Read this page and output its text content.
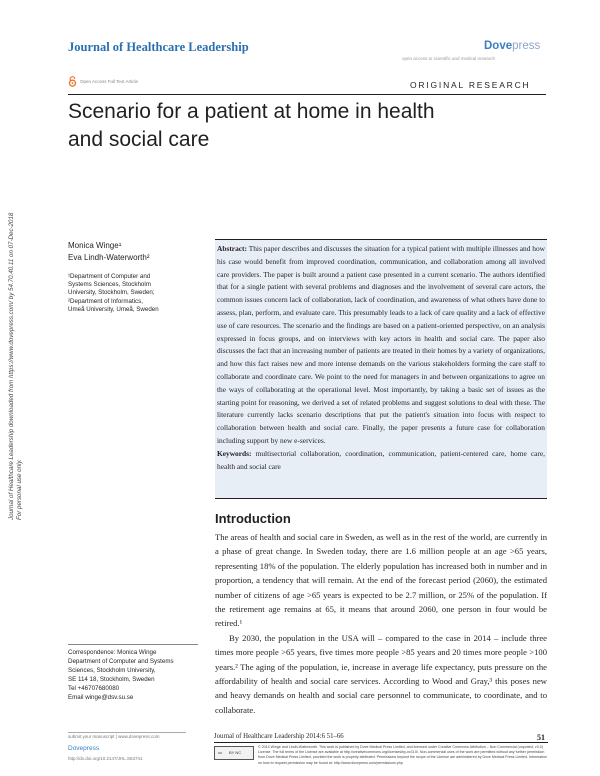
Journal of Healthcare Leadership	Dovepress
open access to scientific and medical research
Open Access Full Text Article	ORIGINAL RESEARCH
Scenario for a patient at home in health and social care
Journal of Healthcare Leadership downloaded from https://www.dovepress.com/ by 54.70.40.11 on 07-Dec-2018
For personal use only.
Monica Winge¹
Eva Lindh-Waterworth²
¹Department of Computer and
Systems Sciences, Stockholm
University, Stockholm, Sweden;
²Department of Informatics,
Umeå University, Umeå, Sweden

Abstract: This paper describes and discusses the situation for a typical patient with multiple illnesses and how his case would benefit from improved coordination, communication, and collaboration among all involved care providers. The paper is built around a patient case presented in a current scenario. The authors identified that for a single patient with several problems and diagnoses and the involvement of several care actors, the common issues concern lack of collaboration, lack of coordination, and awareness of what others have done to assess, plan, perform, and evaluate care. This presumably leads to a lack of care quality and a lack of effective use of care resources. The scenario and the findings are based on a patient-oriented perspective, on an analysis expressed in focus groups, and on interviews with key actors in health and social care. The paper also discusses the fact that an increasing number of patients are treated in their homes by a variety of organizations, and how this fact raises new and more intense demands on the various stakeholders forming the care staff to collaborate and coordinate care. We point to the need for managers in and between organizations to agree on the ways of collaborating at the operational level. Most importantly, by taking a basic set of issues as the starting point for reasoning, we derived a set of related problems and suggest solutions to deal with these. The literature currently lacks scenario descriptions that put the patient's situation into focus with respect to collaboration between health and social care. Finally, the paper presents a future case for collaboration including support by new e-services.

Keywords: multisectorial collaboration, coordination, communication, patient-centered care, home care, health and social care

Introduction

The areas of health and social care in Sweden, as well as in the rest of the world, are currently in a phase of great change. In Sweden today, there are 1.6 million people at an age >65 years, representing 18% of the population. The elderly population has increased both in number and in proportion, a tendency that will remain. At the end of the forecast period (2060), the estimated number of citizens of age >65 years is expected to be 2.7 million, or 25% of the population. If the retirement age remains at 65, it means that around 2060, one person in four would be retired.¹

By 2030, the population in the USA will – compared to the case in 2014 – include three times more people >65 years, five times more people >85 years and 20 times more people >100 years.² The aging of the population, ie, increase in average life expectancy, puts pressure on the affordability of health and social care services. According to Wood and Gray,³ this poses new and heavy demands on health and social care personnel to communicate, to coordinate, and to collaborate.

Correspondence: Monica Winge
Department of Computer and Systems
Sciences, Stockholm University,
SE 114 18, Stockholm, Sweden
Tel +46707680080
Email winge@dsv.su.se
submit your manuscript | www.dovepress.com
Dovepress
http://dx.doi.org/10.2147/JHL.S63741
Journal of Healthcare Leadership 2014:6 51–66	51
cc BY NC
© 2014 Winge and Lindh-Waterworth. This work is published by Dove Medical Press Limited, and licensed under Creative Commons Attribution – Non Commercial (unported, v3.0) License. The full terms of the License are available at http://creativecommons.org/licenses/by-nc/3.0/. Non-commercial uses of the work are permitted without any further permission from Dove Medical Press Limited, provided the work is properly attributed. Permissions beyond the scope of the License are administered by Dove Medical Press Limited. Information on how to request permission may be found at: http://www.dovepress.com/permissions.php
